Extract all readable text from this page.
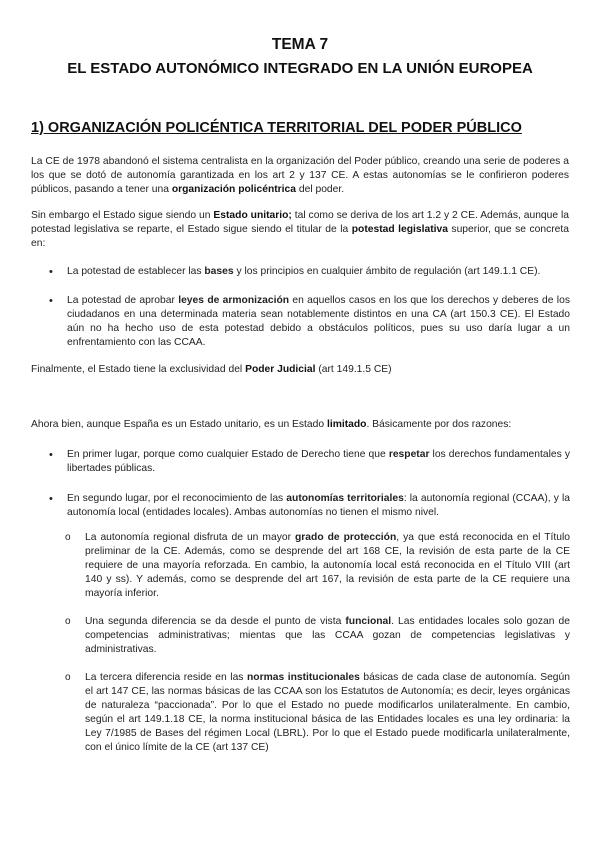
TEMA 7
EL ESTADO AUTONÓMICO INTEGRADO EN LA UNIÓN EUROPEA
1) ORGANIZACIÓN POLICÉNTICA TERRITORIAL DEL PODER PÚBLICO

La CE de 1978 abandonó el sistema centralista en la organización del Poder público, creando una serie de poderes a los que se dotó de autonomía garantizada en los art 2 y 137 CE. A estas autonomías se le confirieron poderes públicos, pasando a tener una organización policéntrica del poder.

Sin embargo el Estado sigue siendo un Estado unitario; tal como se deriva de los art 1.2 y 2 CE. Además, aunque la potestad legislativa se reparte, el Estado sigue siendo el titular de la potestad legislativa superior, que se concreta en:

• La potestad de establecer las bases y los principios en cualquier ámbito de regulación (art 149.1.1 CE).

• La potestad de aprobar leyes de armonización en aquellos casos en los que los derechos y deberes de los ciudadanos en una determinada materia sean notablemente distintos en una CA (art 150.3 CE). El Estado aún no ha hecho uso de esta potestad debido a obstáculos políticos, pues su uso daría lugar a un enfrentamiento con las CCAA.

Finalmente, el Estado tiene la exclusividad del Poder Judicial (art 149.1.5 CE)

Ahora bien, aunque España es un Estado unitario, es un Estado limitado. Básicamente por dos razones:

• En primer lugar, porque como cualquier Estado de Derecho tiene que respetar los derechos fundamentales y libertades públicas.

• En segundo lugar, por el reconocimiento de las autonomías territoriales: la autonomía regional (CCAA), y la autonomía local (entidades locales). Ambas autonomías no tienen el mismo nivel.

o La autonomía regional disfruta de un mayor grado de protección, ya que está reconocida en el Título preliminar de la CE. Además, como se desprende del art 168 CE, la revisión de esta parte de la CE requiere de una mayoría reforzada. En cambio, la autonomía local está reconocida en el Título VIII (art 140 y ss). Y además, como se desprende del art 167, la revisión de esta parte de la CE requiere una mayoría inferior.

o Una segunda diferencia se da desde el punto de vista funcional. Las entidades locales solo gozan de competencias administrativas; mientas que las CCAA gozan de competencias legislativas y administrativas.

o La tercera diferencia reside en las normas institucionales básicas de cada clase de autonomía. Según el art 147 CE, las normas básicas de las CCAA son los Estatutos de Autonomía; es decir, leyes orgánicas de naturaleza “paccionada”. Por lo que el Estado no puede modificarlos unilateralmente. En cambio, según el art 149.1.18 CE, la norma institucional básica de las Entidades locales es una ley ordinaria: la Ley 7/1985 de Bases del régimen Local (LBRL). Por lo que el Estado puede modificarla unilateralmente, con el único límite de la CE (art 137 CE)
